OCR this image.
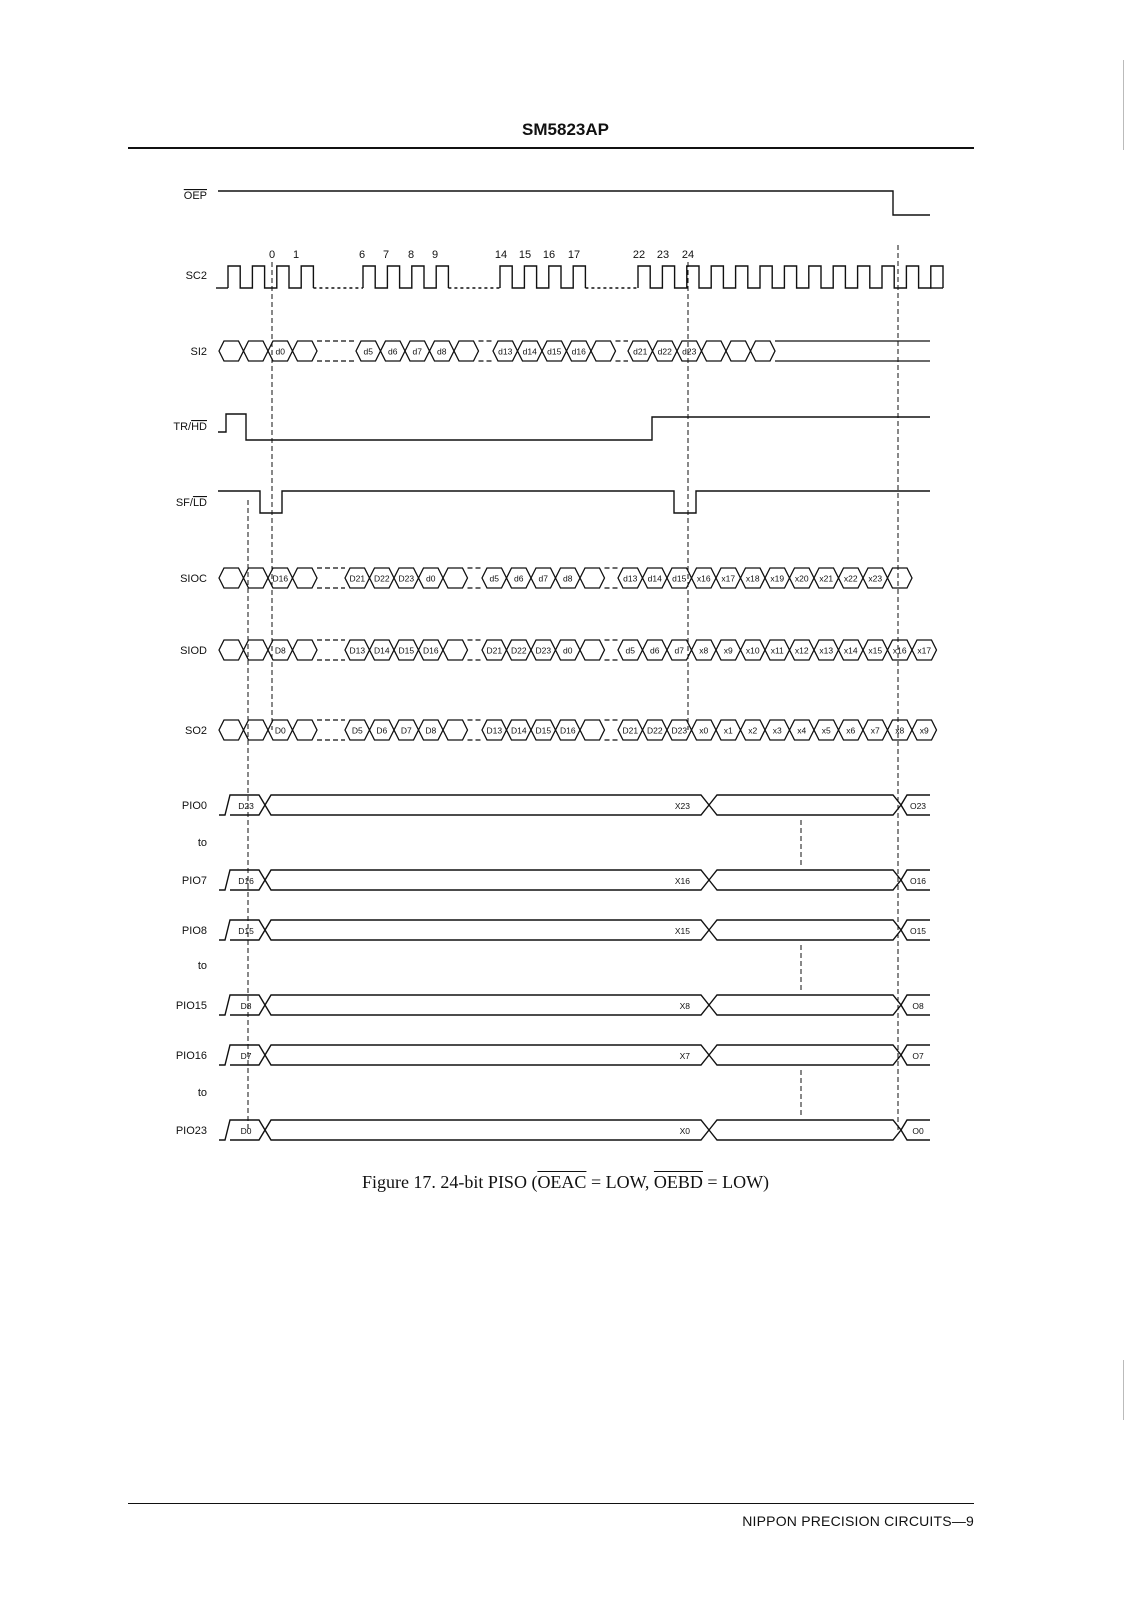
SM5823AP
OEP
SC2
SI2
TR/HD
SF/LD
SIOC
SIOD
SO2
PIO0
to
PIO7
PIO8
to
PIO15
PIO16
to
PIO23
0 1	6 7 8 9	14 15 16 17	22 23 24
d0	d5 d6 d7 d8	d13 d14 d15 d16	d21 d22 d23
D16	D21 D22 D23 d0	d5 d6 d7 d8	d13 d14 d15 x16 x17 x18 x19 x20 x21 x22 x23
D8	D13 D14 D15 D16	D21 D22 D23 d0	d5 d6 d7 x8 x9 x10 x11 x12 x13 x14 x15 x16 x17
D0	D5 D6 D7 D8	D13 D14 D15 D16	D21 D22 D23 x0 x1 x2 x3 x4 x5 x6 x7 x8 x9
D23	X23	O23
D16	X16	O16
D15	X15	O15
D8	X8	O8
D7	X7	O7
D0	X0	O0
Figure 17. 24-bit PISO (OEAC = LOW, OEBD = LOW)
NIPPON PRECISION CIRCUITS—9
